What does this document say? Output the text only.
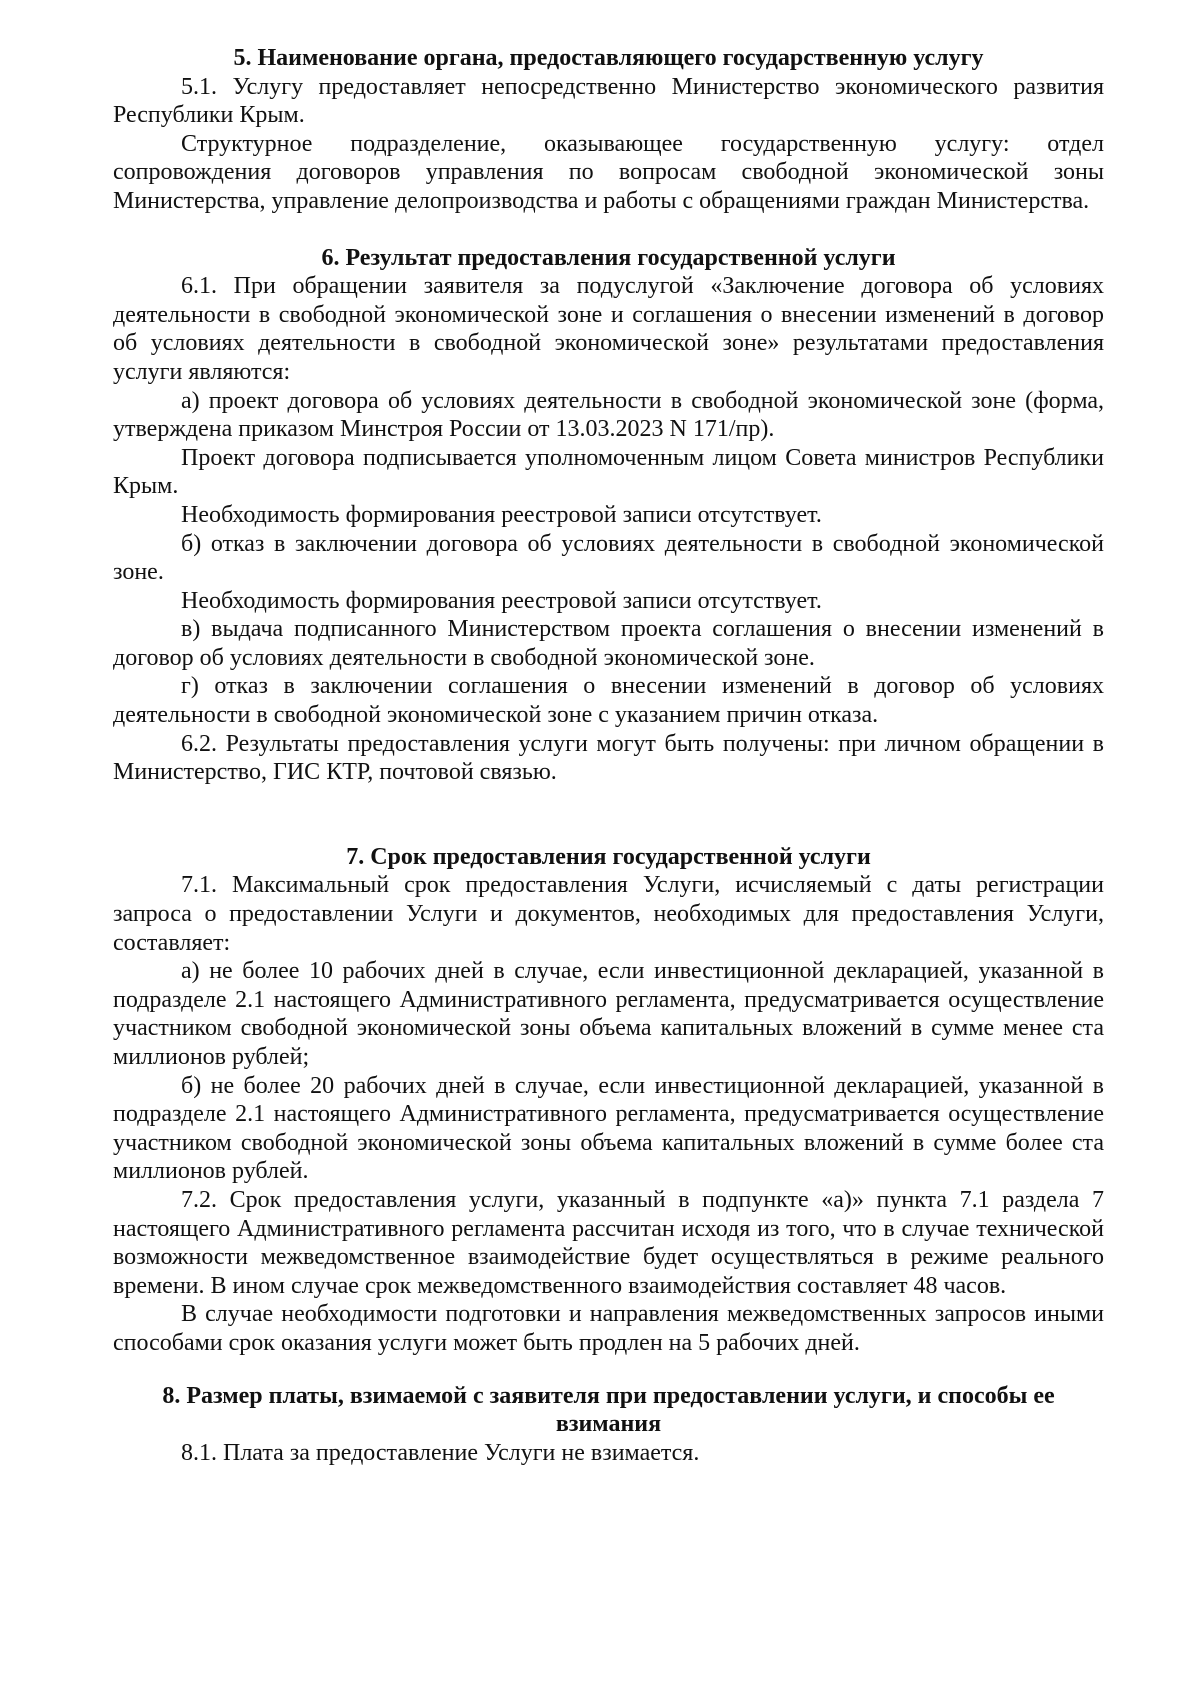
5. Наименование органа, предоставляющего государственную услугу

5.1. Услугу предоставляет непосредственно Министерство экономического развития Республики Крым.

Структурное подразделение, оказывающее государственную услугу: отдел сопровождения договоров управления по вопросам свободной экономической зоны Министерства, управление делопроизводства и работы с обращениями граждан Министерства.

6. Результат предоставления государственной услуги

6.1. При обращении заявителя за подуслугой «Заключение договора об условиях деятельности в свободной экономической зоне и соглашения о внесении изменений в договор об условиях деятельности в свободной экономической зоне» результатами предоставления услуги являются:

а) проект договора об условиях деятельности в свободной экономической зоне (форма, утверждена приказом Минстроя России от 13.03.2023 N 171/пр).

Проект договора подписывается уполномоченным лицом Совета министров Республики Крым.

Необходимость формирования реестровой записи отсутствует.

б) отказ в заключении договора об условиях деятельности в свободной экономической зоне.

Необходимость формирования реестровой записи отсутствует.

в) выдача подписанного Министерством проекта соглашения о внесении изменений в договор об условиях деятельности в свободной экономической зоне.

г) отказ в заключении соглашения о внесении изменений в договор об условиях деятельности в свободной экономической зоне с указанием причин отказа.

6.2. Результаты предоставления услуги могут быть получены: при личном обращении в Министерство, ГИС КТР, почтовой связью.

7. Срок предоставления государственной услуги

7.1. Максимальный срок предоставления Услуги, исчисляемый с даты регистрации запроса о предоставлении Услуги и документов, необходимых для предоставления Услуги, составляет:

а) не более 10 рабочих дней в случае, если инвестиционной декларацией, указанной в подразделе 2.1 настоящего Административного регламента, предусматривается осуществление участником свободной экономической зоны объема капитальных вложений в сумме менее ста миллионов рублей;

б) не более 20 рабочих дней в случае, если инвестиционной декларацией, указанной в подразделе 2.1 настоящего Административного регламента, предусматривается осуществление участником свободной экономической зоны объема капитальных вложений в сумме более ста миллионов рублей.

7.2. Срок предоставления услуги, указанный в подпункте «а)» пункта 7.1 раздела 7 настоящего Административного регламента рассчитан исходя из того, что в случае технической возможности межведомственное взаимодействие будет осуществляться в режиме реального времени. В ином случае срок межведомственного взаимодействия составляет 48 часов.

В случае необходимости подготовки и направления межведомственных запросов иными способами срок оказания услуги может быть продлен на 5 рабочих дней.

8. Размер платы, взимаемой с заявителя при предоставлении услуги, и способы ее взимания

8.1. Плата за предоставление Услуги не взимается.
